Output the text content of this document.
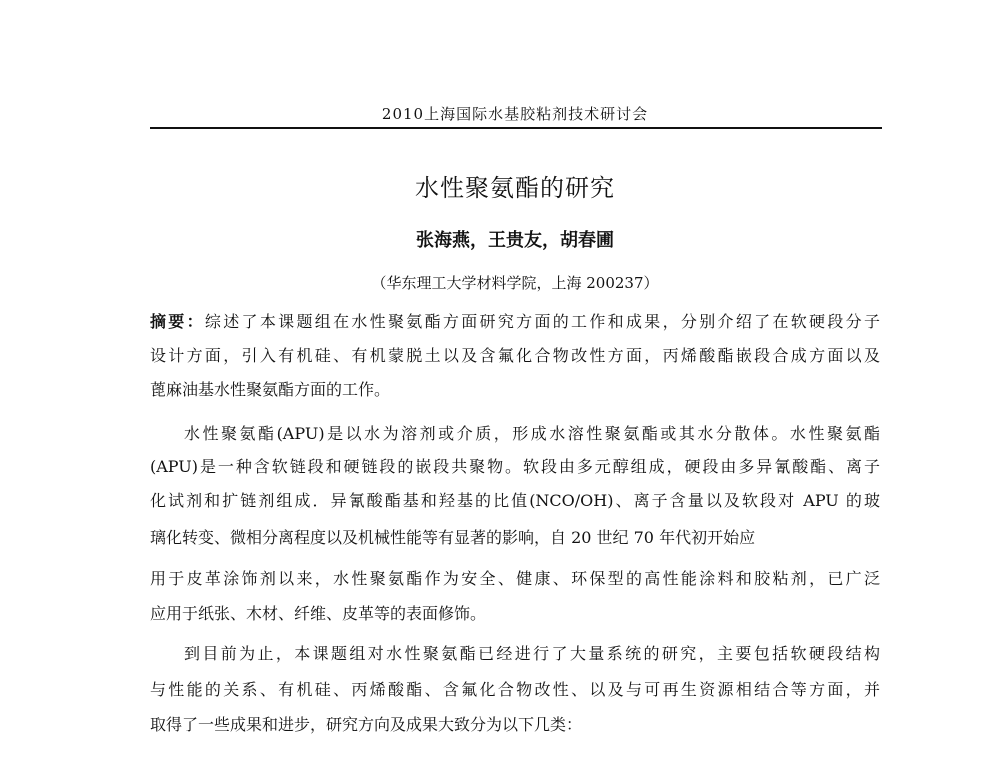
2010上海国际水基胶粘剂技术研讨会
水性聚氨酯的研究
张海燕，王贵友，胡春圃
（华东理工大学材料学院，上海 200237）
摘要：综述了本课题组在水性聚氨酯方面研究方面的工作和成果，分别介绍了在软硬段分子
设计方面，引入有机硅、有机蒙脱土以及含氟化合物改性方面，丙烯酸酯嵌段合成方面以及
蓖麻油基水性聚氨酯方面的工作。
水性聚氨酯(APU)是以水为溶剂或介质，形成水溶性聚氨酯或其水分散体。水性聚氨酯
(APU)是一种含软链段和硬链段的嵌段共聚物。软段由多元醇组成，硬段由多异氰酸酯、离子
化试剂和扩链剂组成．异氰酸酯基和羟基的比值(NCO/OH)、离子含量以及软段对 APU 的玻
璃化转变、微相分离程度以及机械性能等有显著的影响，自 20 世纪 70 年代初开始应
用于皮革涂饰剂以来，水性聚氨酯作为安全、健康、环保型的高性能涂料和胶粘剂，已广泛
应用于纸张、木材、纤维、皮革等的表面修饰。
到目前为止，本课题组对水性聚氨酯已经进行了大量系统的研究，主要包括软硬段结构
与性能的关系、有机硅、丙烯酸酯、含氟化合物改性、以及与可再生资源相结合等方面，并
取得了一些成果和进步，研究方向及成果大致分为以下几类：
